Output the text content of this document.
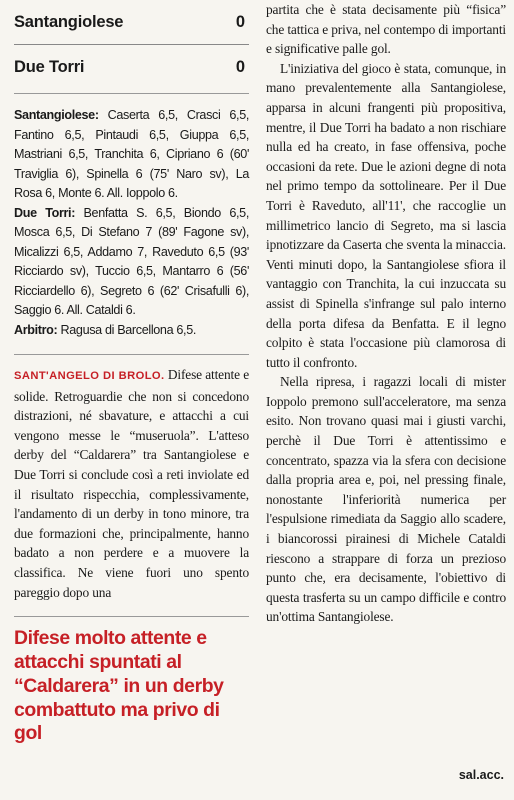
Santangiolese	0
Due Torri	0

Santangiolese: Caserta 6,5, Crasci 6,5, Fantino 6,5, Pintaudi 6,5, Giuppa 6,5, Mastriani 6,5, Tranchita 6, Cipriano 6 (60' Traviglia 6), Spinella 6 (75' Naro sv), La Rosa 6, Monte 6. All. Ioppolo 6.

Due Torri: Benfatta S. 6,5, Biondo 6,5, Mosca 6,5, Di Stefano 7 (89' Fagone sv), Micalizzi 6,5, Addamo 7, Raveduto 6,5 (93' Ricciardo sv), Tuccio 6,5, Mantarro 6 (56' Ricciardello 6), Segreto 6 (62' Crisafulli 6), Saggio 6. All. Cataldi 6.

Arbitro: Ragusa di Barcellona 6,5.

SANT'ANGELO DI BROLO. Difese attente e solide. Retroguardie che non si concedono distrazioni, né sbavature, e attacchi a cui vengono messe le “museruola”. L'atteso derby del “Caldarera” tra Santangiolese e Due Torri si conclude così a reti inviolate ed il risultato rispecchia, complessivamente, l'andamento di un derby in tono minore, tra due formazioni che, principalmente, hanno badato a non perdere e a muovere la classifica. Ne viene fuori uno spento pareggio dopo una

Difese molto attente e attacchi spuntati al “Caldarera” in un derby combattuto ma privo di gol

partita che è stata decisamente più “fisica” che tattica e priva, nel contempo di importanti e significative palle gol.

L'iniziativa del gioco è stata, comunque, in mano prevalentemente alla Santangiolese, apparsa in alcuni frangenti più propositiva, mentre, il Due Torri ha badato a non rischiare nulla ed ha creato, in fase offensiva, poche occasioni da rete. Due le azioni degne di nota nel primo tempo da sottolineare. Per il Due Torri è Raveduto, all'11', che raccoglie un millimetrico lancio di Segreto, ma si lascia ipnotizzare da Caserta che sventa la minaccia. Venti minuti dopo, la Santangiolese sfiora il vantaggio con Tranchita, la cui inzuccata su assist di Spinella s'infrange sul palo interno della porta difesa da Benfatta. E il legno colpito è stata l'occasione più clamorosa di tutto il confronto.

Nella ripresa, i ragazzi locali di mister Ioppolo premono sull'acceleratore, ma senza esito. Non trovano quasi mai i giusti varchi, perchè il Due Torri è attentissimo e concentrato, spazza via la sfera con decisione dalla propria area e, poi, nel pressing finale, nonostante l'inferiorità numerica per l'espulsione rimediata da Saggio allo scadere, i biancorossi pirainesi di Michele Cataldi riescono a strappare di forza un prezioso punto che, era decisamente, l'obiettivo di questa trasferta su un campo difficile e contro un'ottima Santangiolese.

sal.acc.
